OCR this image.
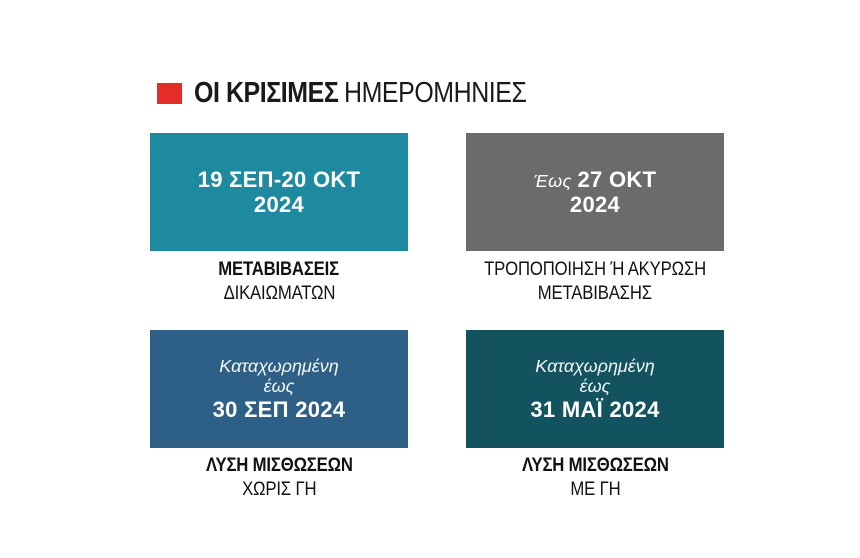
ΟΙ ΚΡΙΣΙΜΕΣ ΗΜΕΡΟΜΗΝΙΕΣ
19 ΣΕΠ-20 ΟΚΤ
2024
ΜΕΤΑΒΙΒΑΣΕΙΣ
ΔΙΚΑΙΩΜΑΤΩΝ
Έως 27 ΟΚΤ
2024
ΤΡΟΠΟΠΟΙΗΣΗ Ή ΑΚΥΡΩΣΗ
ΜΕΤΑΒΙΒΑΣΗΣ
Καταχωρημένη
έως
30 ΣΕΠ 2024
ΛΥΣΗ ΜΙΣΘΩΣΕΩΝ
ΧΩΡΙΣ ΓΗ
Καταχωρημένη
έως
31 ΜΑΪ 2024
ΛΥΣΗ ΜΙΣΘΩΣΕΩΝ
ΜΕ ΓΗ
